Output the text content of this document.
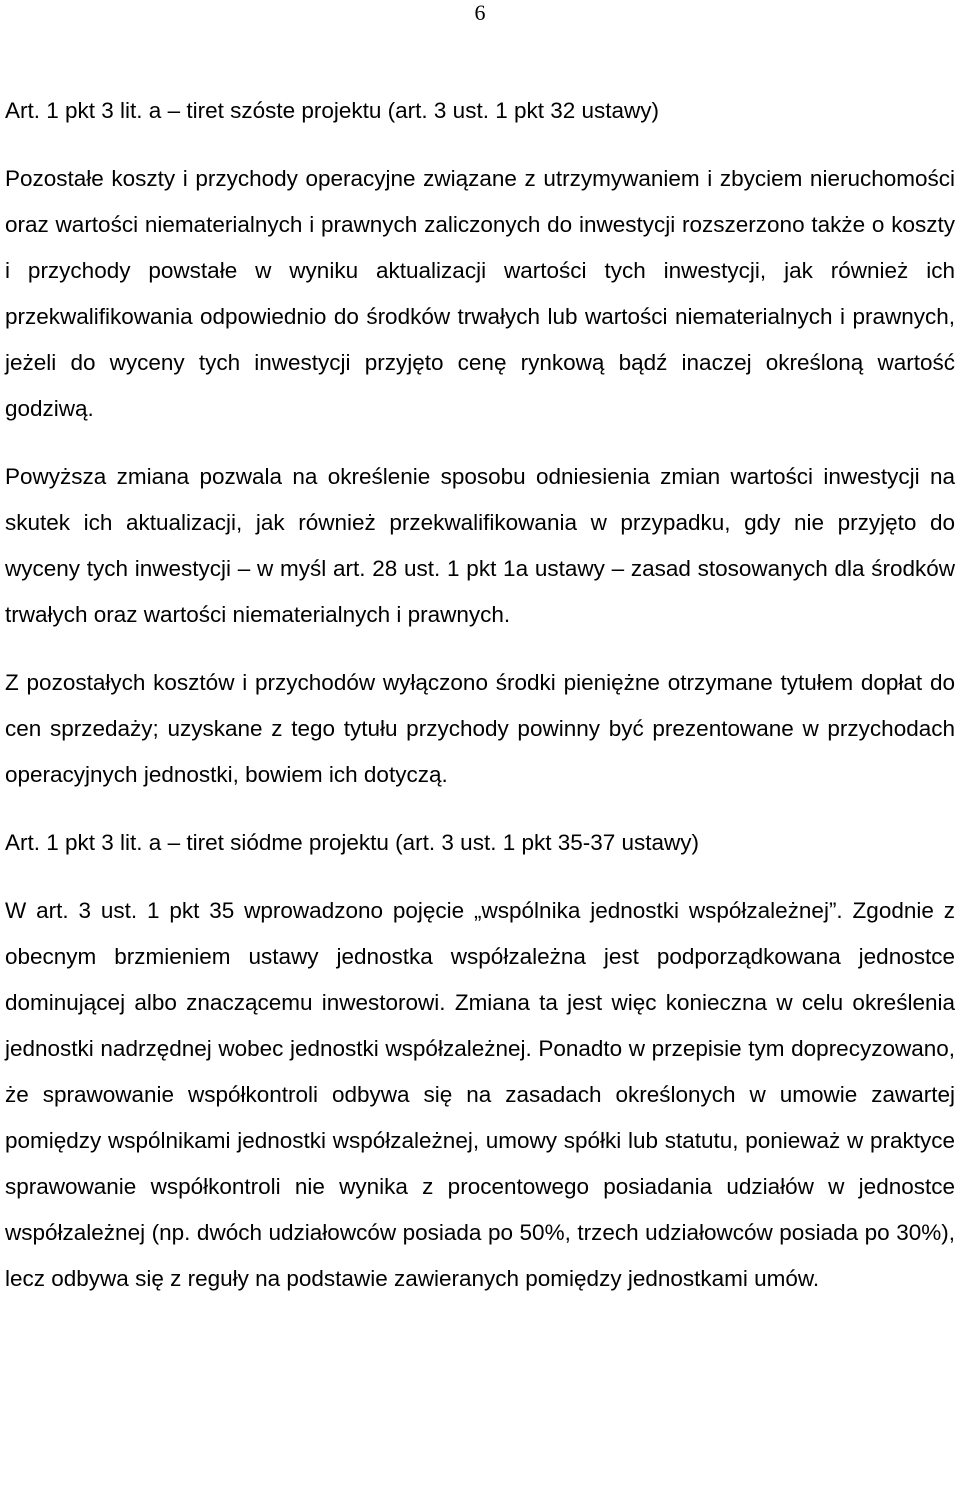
6

Art. 1 pkt 3 lit. a – tiret szóste projektu (art. 3 ust. 1 pkt 32 ustawy)

Pozostałe koszty i przychody operacyjne związane z utrzymywaniem i zbyciem nieruchomości oraz wartości niematerialnych i prawnych zaliczonych do inwestycji rozszerzono także o koszty i przychody powstałe w wyniku aktualizacji wartości tych inwestycji, jak również ich przekwalifikowania odpowiednio do środków trwałych lub wartości niematerialnych i prawnych, jeżeli do wyceny tych inwestycji przyjęto cenę rynkową bądź inaczej określoną wartość godziwą.

Powyższa zmiana pozwala na określenie sposobu odniesienia zmian wartości inwestycji na skutek ich aktualizacji, jak również przekwalifikowania w przypadku, gdy nie przyjęto do wyceny tych inwestycji – w myśl art. 28 ust. 1 pkt 1a ustawy – zasad stosowanych dla środków trwałych oraz wartości niematerialnych i prawnych.

Z pozostałych kosztów i przychodów wyłączono środki pieniężne otrzymane tytułem dopłat do cen sprzedaży; uzyskane z tego tytułu przychody powinny być prezentowane w przychodach operacyjnych jednostki, bowiem ich dotyczą.

Art. 1 pkt 3 lit. a – tiret siódme projektu (art. 3 ust. 1 pkt 35-37 ustawy)

W art. 3 ust. 1 pkt 35 wprowadzono pojęcie „wspólnika jednostki współzależnej”. Zgodnie z obecnym brzmieniem ustawy jednostka współzależna jest podporządkowana jednostce dominującej albo znaczącemu inwestorowi. Zmiana ta jest więc konieczna w celu określenia jednostki nadrzędnej wobec jednostki współzależnej. Ponadto w przepisie tym doprecyzowano, że sprawowanie współkontroli odbywa się na zasadach określonych w umowie zawartej pomiędzy wspólnikami jednostki współzależnej, umowy spółki lub statutu, ponieważ w praktyce sprawowanie współkontroli nie wynika z procentowego posiadania udziałów w jednostce współzależnej (np. dwóch udziałowców posiada po 50%, trzech udziałowców posiada po 30%), lecz odbywa się z reguły na podstawie zawieranych pomiędzy jednostkami umów.
